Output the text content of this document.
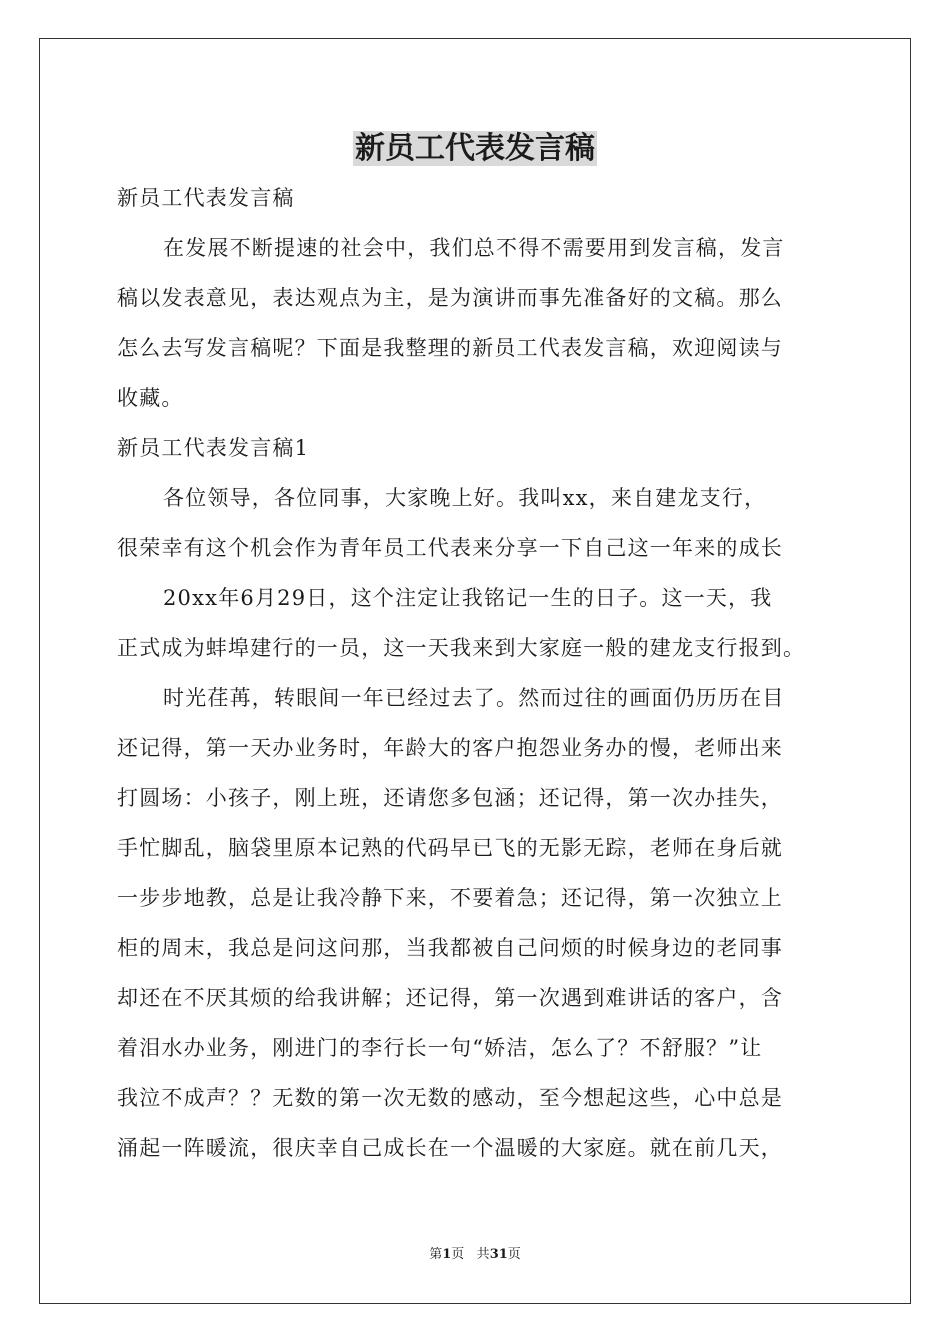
新员工代表发言稿

新员工代表发言稿

在发展不断提速的社会中，我们总不得不需要用到发言稿，发言

稿以发表意见，表达观点为主，是为演讲而事先准备好的文稿。那么

怎么去写发言稿呢？下面是我整理的新员工代表发言稿，欢迎阅读与

收藏。

新员工代表发言稿1

各位领导，各位同事，大家晚上好。我叫xx，来自建龙支行，

很荣幸有这个机会作为青年员工代表来分享一下自己这一年来的成长

20xx年6月29日，这个注定让我铭记一生的日子。这一天，我

正式成为蚌埠建行的一员，这一天我来到大家庭一般的建龙支行报到。

时光荏苒，转眼间一年已经过去了。然而过往的画面仍历历在目

还记得，第一天办业务时，年龄大的客户抱怨业务办的慢，老师出来

打圆场：小孩子，刚上班，还请您多包涵；还记得，第一次办挂失，

手忙脚乱，脑袋里原本记熟的代码早已飞的无影无踪，老师在身后就

一步步地教，总是让我冷静下来，不要着急；还记得，第一次独立上

柜的周末，我总是问这问那，当我都被自己问烦的时候身边的老同事

却还在不厌其烦的给我讲解；还记得，第一次遇到难讲话的客户，含

着泪水办业务，刚进门的李行长一句“娇洁，怎么了？不舒服？”让

我泣不成声？？无数的第一次无数的感动，至今想起这些，心中总是

涌起一阵暖流，很庆幸自己成长在一个温暖的大家庭。就在前几天，

第1页 共31页
